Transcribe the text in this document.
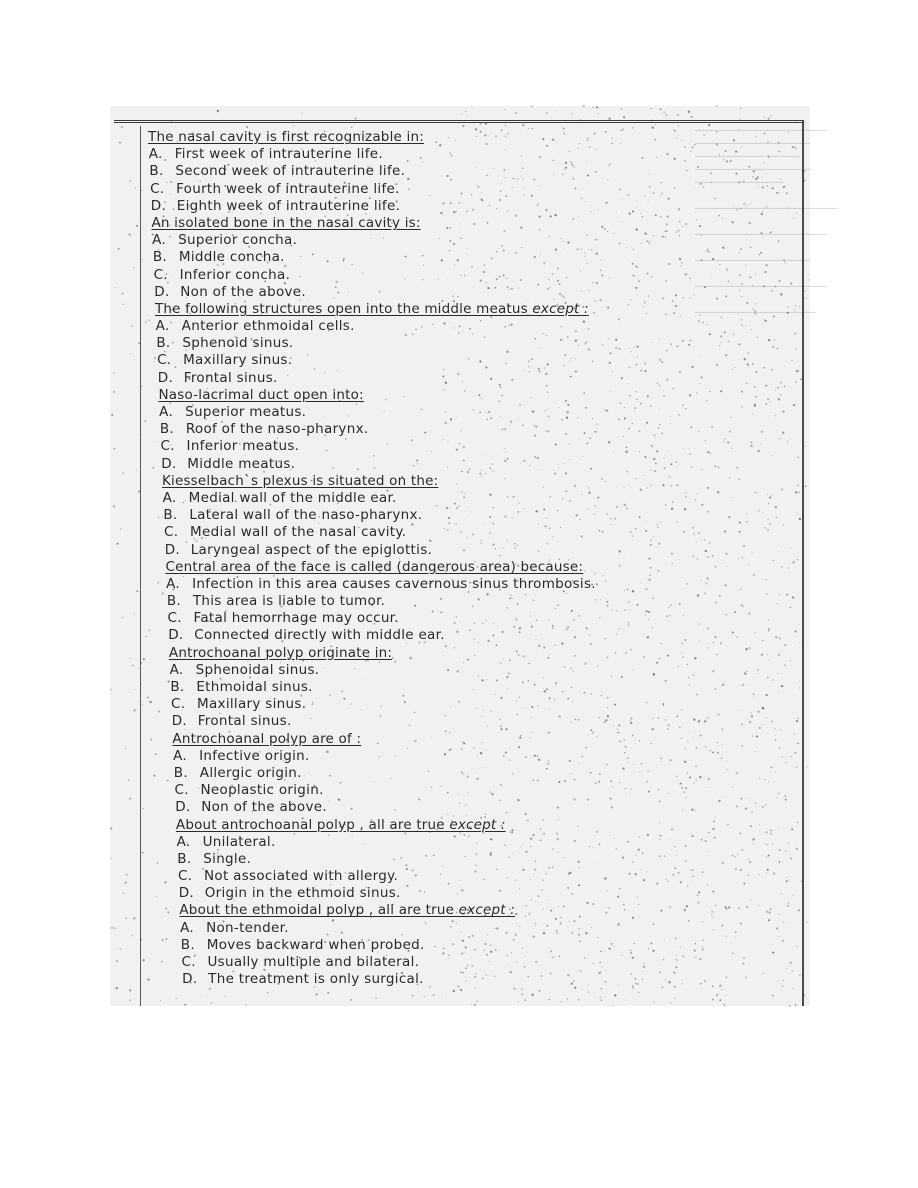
________________________
_____________________
___________________
_____________________
________________

__________________________

________________________

_____________________

________________________

______________________
The nasal cavity is first recognizable in:
A. First week of intrauterine life.
B. Second week of intrauterine life.
C. Fourth week of intrauterine life.
D. Eighth week of intrauterine life.
An isolated bone in the nasal cavity is:
A. Superior concha.
B. Middle concha.
C. Inferior concha.
D. Non of the above.
The following structures open into the middle meatus except :
A. Anterior ethmoidal cells.
B. Sphenoid sinus.
C. Maxillary sinus.
D. Frontal sinus.
Naso-lacrimal duct open into:
A. Superior meatus.
B. Roof of the naso-pharynx.
C. Inferior meatus.
D. Middle meatus.
Kiesselbach`s plexus is situated on the:
A. Medial wall of the middle ear.
B. Lateral wall of the naso-pharynx.
C. Medial wall of the nasal cavity.
D. Laryngeal aspect of the epiglottis.
Central area of the face is called (dangerous area) because:
A. Infection in this area causes cavernous sinus thrombosis.
B. This area is liable to tumor.
C. Fatal hemorrhage may occur.
D. Connected directly with middle ear.
Antrochoanal polyp originate in:
A. Sphenoidal sinus.
B. Ethmoidal sinus.
C. Maxillary sinus.
D. Frontal sinus.
Antrochoanal polyp are of :
A. Infective origin.
B. Allergic origin.
C. Neoplastic origin.
D. Non of the above.
About antrochoanal polyp , all are true except :
A. Unilateral.
B. Single.
C. Not associated with allergy.
D. Origin in the ethmoid sinus.
About the ethmoidal polyp , all are true except :
A. Non-tender.
B. Moves backward when probed.
C. Usually multiple and bilateral.
D. The treatment is only surgical.
